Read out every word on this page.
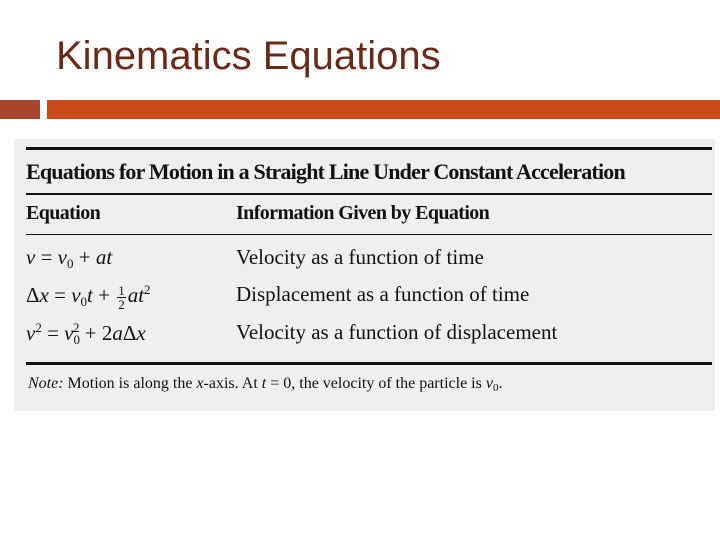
Kinematics Equations
Equations for Motion in a Straight Line Under Constant Acceleration
Equation	Information Given by Equation
$v = v_0$ + at	Velocity as a function of time
$\Delta x = v_0t + \frac{1}{2} at^2$	Displacement as a function of time
$v^2 = v_0^2 + 2a\Delta x$	Velocity as a function of displacement
Note: Motion is along the x-axis. At t = 0, the velocity of the particle is $v_0$.
